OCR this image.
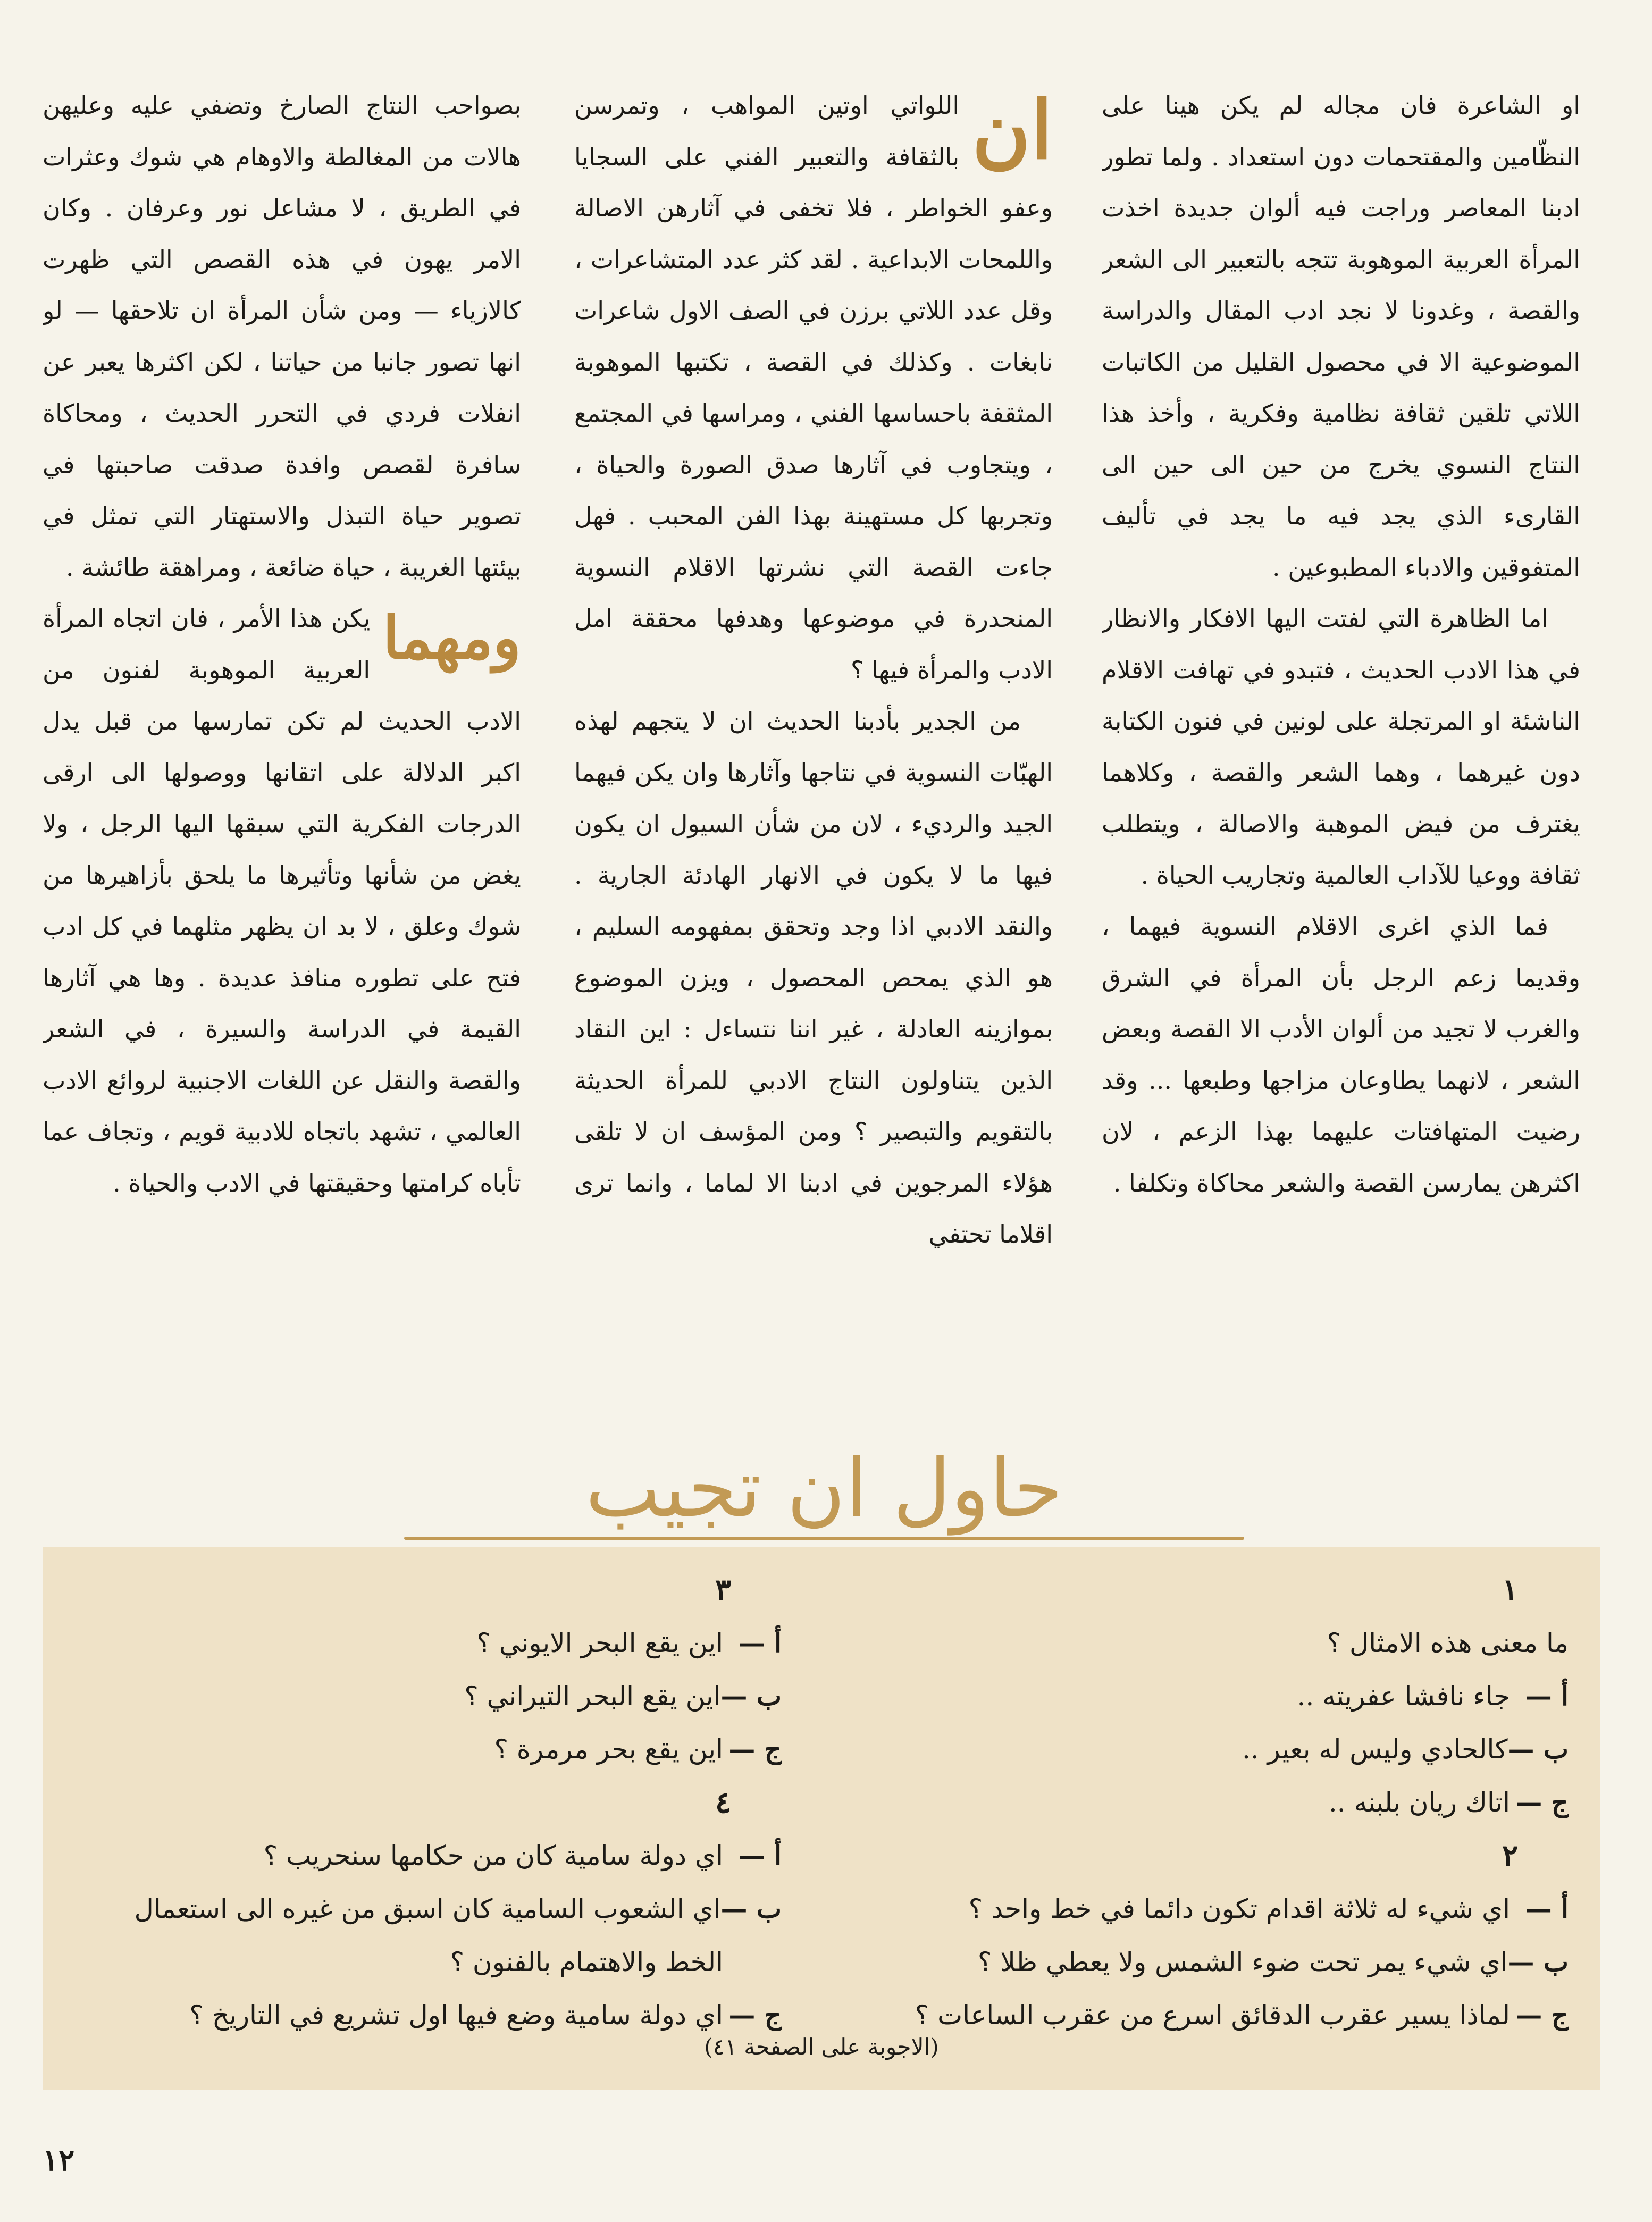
او الشاعرة فان مجاله لم يكن هينا على النظّامين والمقتحمات دون استعداد . ولما تطور ادبنا المعاصر وراجت فيه ألوان جديدة اخذت المرأة العربية الموهوبة تتجه بالتعبير الى الشعر والقصة ، وغدونا لا نجد ادب المقال والدراسة الموضوعية الا في محصول القليل من الكاتبات اللاتي تلقين ثقافة نظامية وفكرية ، وأخذ هذا النتاج النسوي يخرج من حين الى حين الى القارىء الذي يجد فيه ما يجد في تأليف المتفوقين والادباء المطبوعين .

اما الظاهرة التي لفتت اليها الافكار والانظار في هذا الادب الحديث ، فتبدو في تهافت الاقلام الناشئة او المرتجلة على لونين في فنون الكتابة دون غيرهما ، وهما الشعر والقصة ، وكلاهما يغترف من فيض الموهبة والاصالة ، ويتطلب ثقافة ووعيا للآداب العالمية وتجاريب الحياة .

فما الذي اغرى الاقلام النسوية فيهما ، وقديما زعم الرجل بأن المرأة في الشرق والغرب لا تجيد من ألوان الأدب الا القصة وبعض الشعر ، لانهما يطاوعان مزاجها وطبعها ... وقد رضيت المتهافتات عليهما بهذا الزعم ، لان اكثرهن يمارسن القصة والشعر محاكاة وتكلفا .

ان
اللواتي اوتين المواهب ، وتمرسن بالثقافة والتعبير الفني على السجايا وعفو الخواطر ، فلا تخفى في آثارهن الاصالة واللمحات الابداعية . لقد كثر عدد المتشاعرات ، وقل عدد اللاتي برزن في الصف الاول شاعرات نابغات . وكذلك في القصة ، تكتبها الموهوبة المثقفة باحساسها الفني ، ومراسها في المجتمع ، ويتجاوب في آثارها صدق الصورة والحياة ، وتجربها كل مستهينة بهذا الفن المحبب . فهل جاءت القصة التي نشرتها الاقلام النسوية المنحدرة في موضوعها وهدفها محققة امل الادب والمرأة فيها ؟

من الجدير بأدبنا الحديث ان لا يتجهم لهذه الهبّات النسوية في نتاجها وآثارها وان يكن فيهما الجيد والرديء ، لان من شأن السيول ان يكون فيها ما لا يكون في الانهار الهادئة الجارية . والنقد الادبي اذا وجد وتحقق بمفهومه السليم ، هو الذي يمحص المحصول ، ويزن الموضوع بموازينه العادلة ، غير اننا نتساءل : اين النقاد الذين يتناولون النتاج الادبي للمرأة الحديثة بالتقويم والتبصير ؟ ومن المؤسف ان لا تلقى هؤلاء المرجوين في ادبنا الا لماما ، وانما ترى اقلاما تحتفي

بصواحب النتاج الصارخ وتضفي عليه وعليهن هالات من المغالطة والاوهام هي شوك وعثرات في الطريق ، لا مشاعل نور وعرفان . وكان الامر يهون في هذه القصص التي ظهرت كالازياء — ومن شأن المرأة ان تلاحقها — لو انها تصور جانبا من حياتنا ، لكن اكثرها يعبر عن انفلات فردي في التحرر الحديث ، ومحاكاة سافرة لقصص وافدة صدقت صاحبتها في تصوير حياة التبذل والاستهتار التي تمثل في بيئتها الغريبة ، حياة ضائعة ، ومراهقة طائشة .

ومهما
يكن هذا الأمر ، فان اتجاه المرأة العربية الموهوبة لفنون من الادب الحديث لم تكن تمارسها من قبل يدل اكبر الدلالة على اتقانها ووصولها الى ارقى الدرجات الفكرية التي سبقها اليها الرجل ، ولا يغض من شأنها وتأثيرها ما يلحق بأزاهيرها من شوك وعلق ، لا بد ان يظهر مثلهما في كل ادب فتح على تطوره منافذ عديدة . وها هي آثارها القيمة في الدراسة والسيرة ، في الشعر والقصة والنقل عن اللغات الاجنبية لروائع الادب العالمي ، تشهد باتجاه للادبية قويم ، وتجاف عما تأباه كرامتها وحقيقتها في الادب والحياة .

حاول ان تجيب
١
ما معنى هذه الامثال ؟
أ —جاء نافشا عفريته ..
ب —كالحادي وليس له بعير ..
ج —اتاك ريان بلبنه ..
٢
أ —اي شيء له ثلاثة اقدام تكون دائما في خط واحد ؟
ب —اي شيء يمر تحت ضوء الشمس ولا يعطي ظلا ؟
ج —لماذا يسير عقرب الدقائق اسرع من عقرب الساعات ؟
٣
أ —اين يقع البحر الايوني ؟
ب —اين يقع البحر التيراني ؟
ج —اين يقع بحر مرمرة ؟
٤
أ —اي دولة سامية كان من حكامها سنحريب ؟
ب —اي الشعوب السامية كان اسبق من غيره الى استعمال
الخط والاهتمام بالفنون ؟
ج —اي دولة سامية وضع فيها اول تشريع في التاريخ ؟
(الاجوبة على الصفحة ٤١)
١٢
